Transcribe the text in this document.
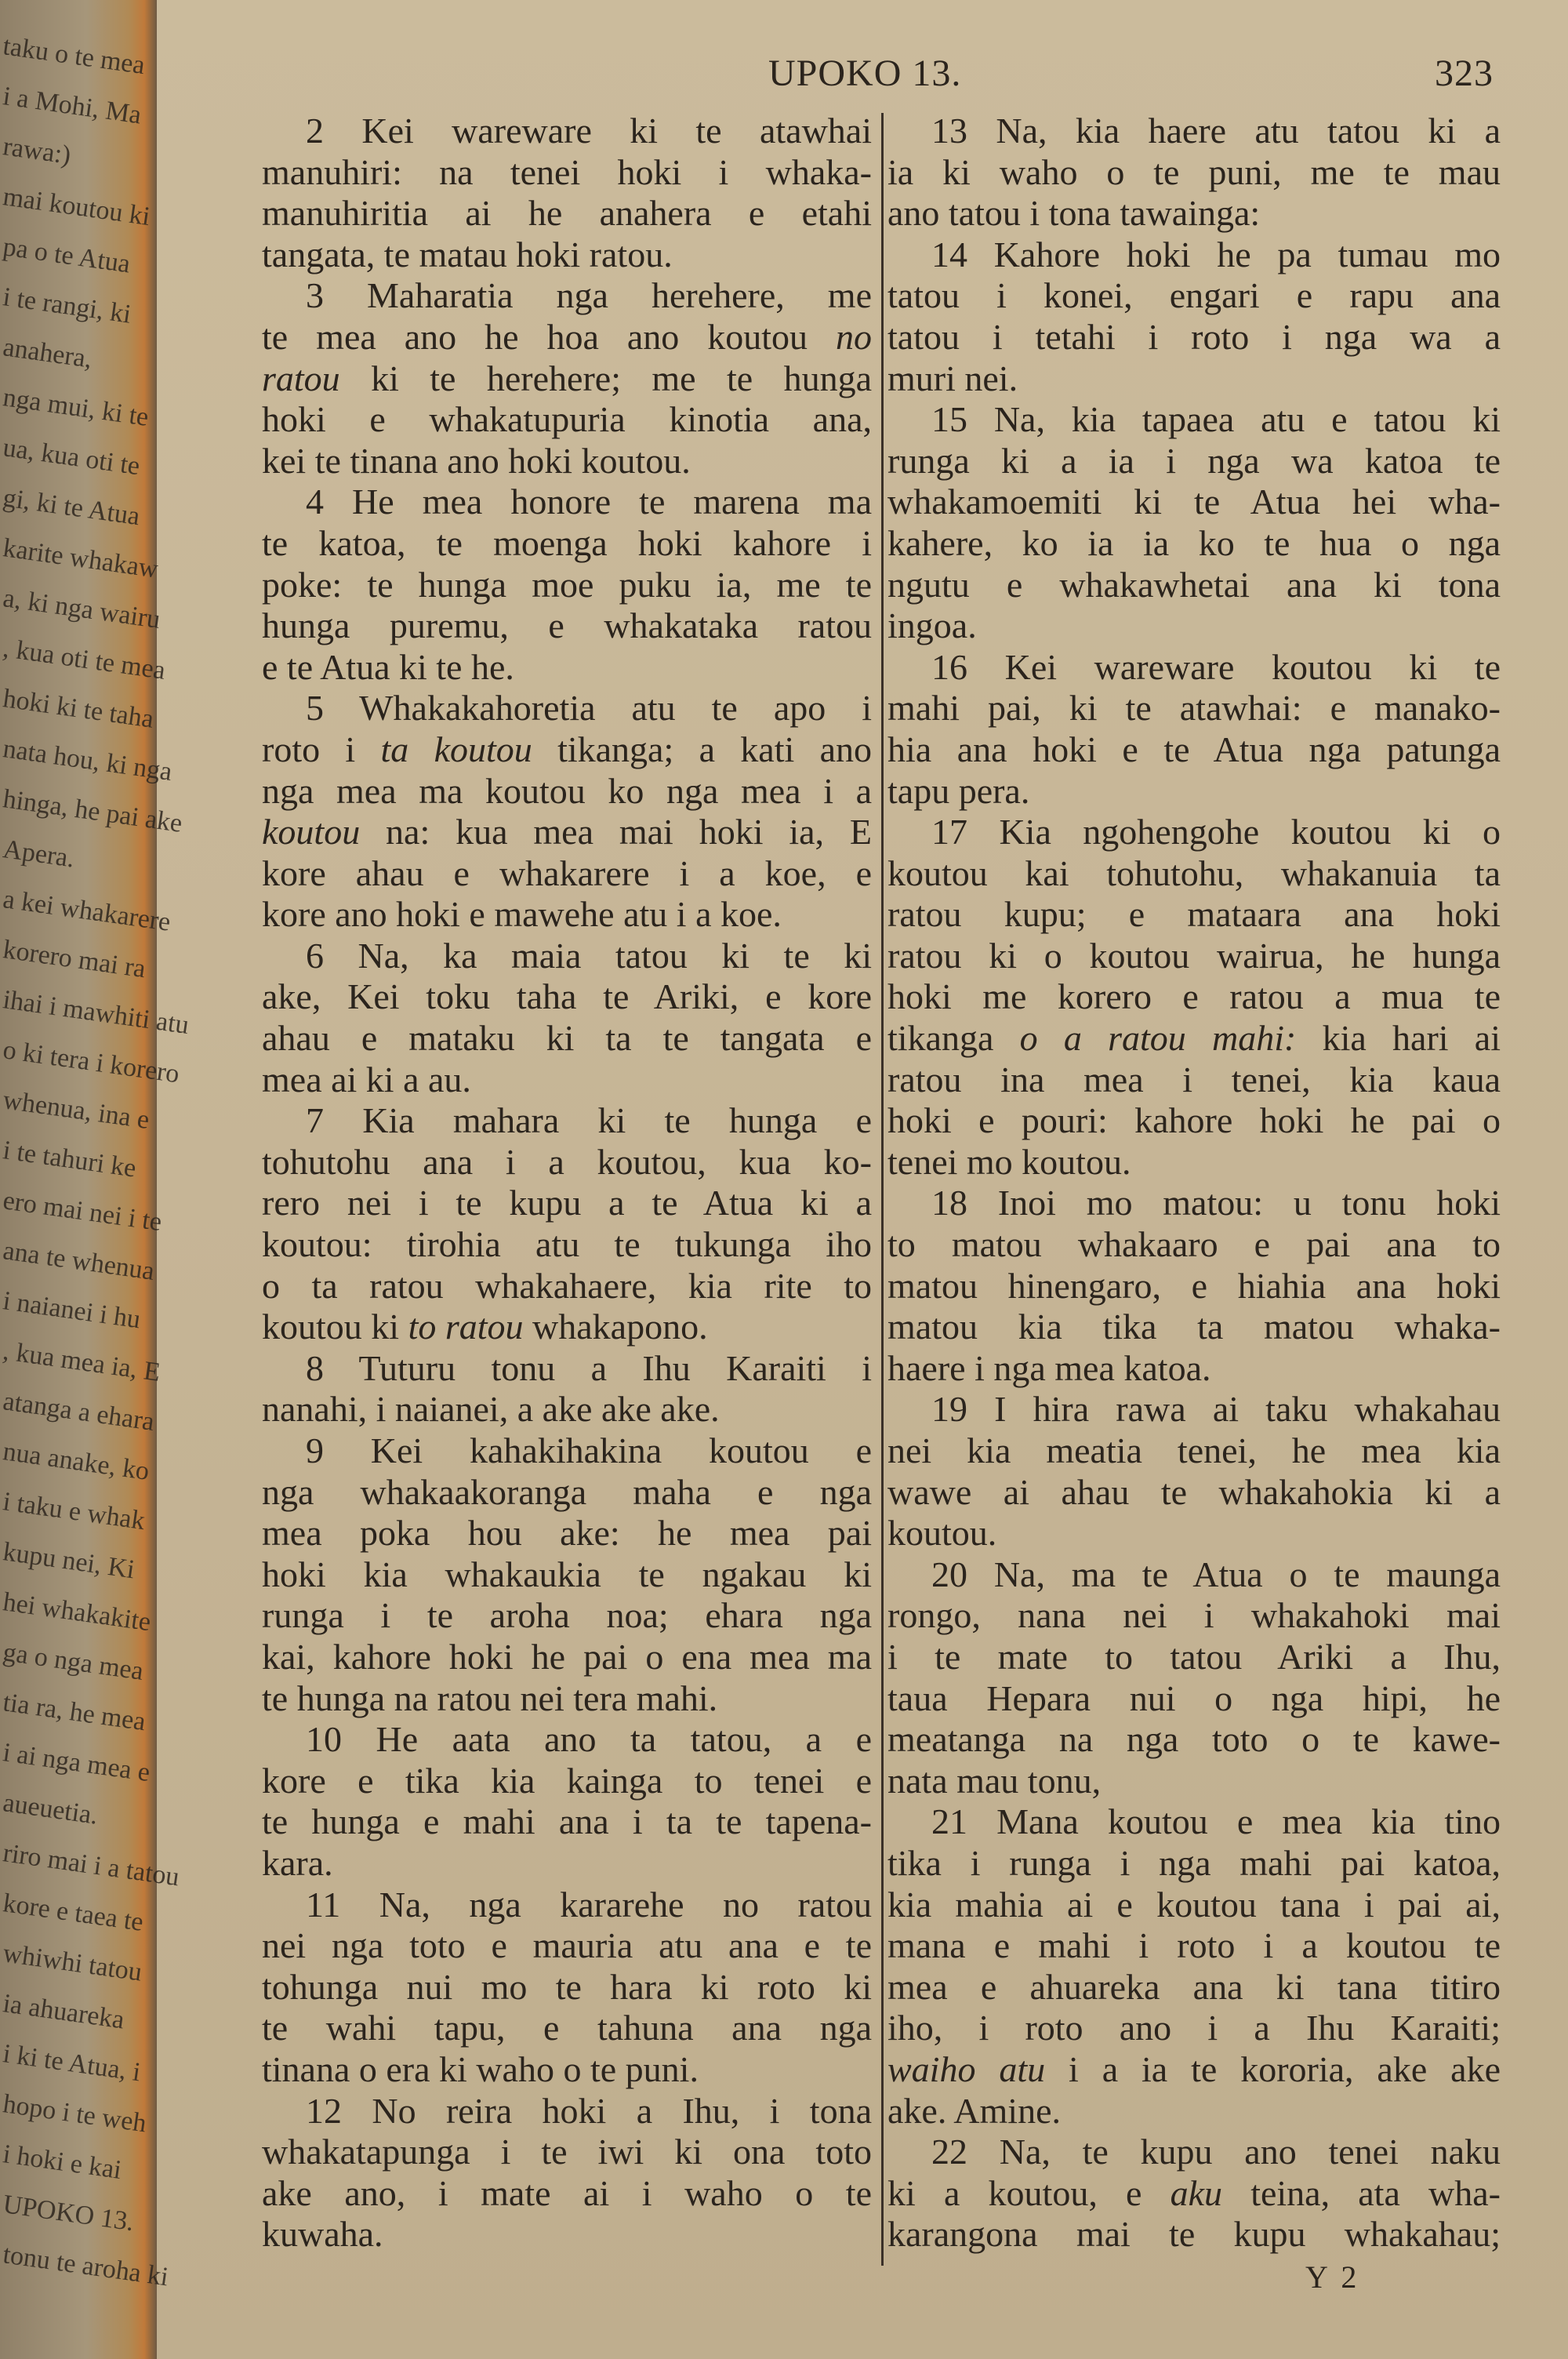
taku o te mea
i a Mohi, Ma
rawa:)
mai koutou ki
pa o te Atua
i te rangi, ki
anahera,
nga mui, ki te
ua, kua oti te
gi, ki te Atua
karite whakaw
a, ki nga wairu
, kua oti te mea
hoki ki te taha
nata hou, ki nga
hinga, he pai ake
Apera.
a kei whakarere
korero mai ra
ihai i mawhiti atu
o ki tera i korero
whenua, ina e
i te tahuri ke
ero mai nei i te
ana te whenua
i naianei i hu
, kua mea ia, E
atanga a ehara
nua anake, ko
i taku e whak
kupu nei, Ki
hei whakakite
ga o nga mea
tia ra, he mea
i ai nga mea e
aueuetia.
riro mai i a tatou
kore e taea te
whiwhi tatou
ia ahuareka
i ki te Atua, i
hopo i te weh
i hoki e kai
UPOKO 13.
tonu te aroha ki
UPOKO 13.	323
2 Kei wareware ki te atawhai
manuhiri: na tenei hoki i whaka-
manuhiritia ai he anahera e etahi
tangata, te matau hoki ratou.
3 Maharatia nga herehere, me
te mea ano he hoa ano koutou no
ratou ki te herehere; me te hunga
hoki e whakatupuria kinotia ana,
kei te tinana ano hoki koutou.
4 He mea honore te marena ma
te katoa, te moenga hoki kahore i
poke: te hunga moe puku ia, me te
hunga puremu, e whakataka ratou
e te Atua ki te he.
5 Whakakahoretia atu te apo i
roto i ta koutou tikanga; a kati ano
nga mea ma koutou ko nga mea i a
koutou na: kua mea mai hoki ia, E
kore ahau e whakarere i a koe, e
kore ano hoki e mawehe atu i a koe.
6 Na, ka maia tatou ki te ki
ake, Kei toku taha te Ariki, e kore
ahau e mataku ki ta te tangata e
mea ai ki a au.
7 Kia mahara ki te hunga e
tohutohu ana i a koutou, kua ko-
rero nei i te kupu a te Atua ki a
koutou: tirohia atu te tukunga iho
o ta ratou whakahaere, kia rite to
koutou ki to ratou whakapono.
8 Tuturu tonu a Ihu Karaiti i
nanahi, i naianei, a ake ake ake.
9 Kei kahakihakina koutou e
nga whakaakoranga maha e nga
mea poka hou ake: he mea pai
hoki kia whakaukia te ngakau ki
runga i te aroha noa; ehara nga
kai, kahore hoki he pai o ena mea ma
te hunga na ratou nei tera mahi.
10 He aata ano ta tatou, a e
kore e tika kia kainga to tenei e
te hunga e mahi ana i ta te tapena-
kara.
11 Na, nga kararehe no ratou
nei nga toto e mauria atu ana e te
tohunga nui mo te hara ki roto ki
te wahi tapu, e tahuna ana nga
tinana o era ki waho o te puni.
12 No reira hoki a Ihu, i tona
whakatapunga i te iwi ki ona toto
ake ano, i mate ai i waho o te
kuwaha.
13 Na, kia haere atu tatou ki a
ia ki waho o te puni, me te mau
ano tatou i tona tawainga:
14 Kahore hoki he pa tumau mo
tatou i konei, engari e rapu ana
tatou i tetahi i roto i nga wa a
muri nei.
15 Na, kia tapaea atu e tatou ki
runga ki a ia i nga wa katoa te
whakamoemiti ki te Atua hei wha-
kahere, ko ia ia ko te hua o nga
ngutu e whakawhetai ana ki tona
ingoa.
16 Kei wareware koutou ki te
mahi pai, ki te atawhai: e manako-
hia ana hoki e te Atua nga patunga
tapu pera.
17 Kia ngohengohe koutou ki o
koutou kai tohutohu, whakanuia ta
ratou kupu; e mataara ana hoki
ratou ki o koutou wairua, he hunga
hoki me korero e ratou a mua te
tikanga o a ratou mahi: kia hari ai
ratou ina mea i tenei, kia kaua
hoki e pouri: kahore hoki he pai o
tenei mo koutou.
18 Inoi mo matou: u tonu hoki
to matou whakaaro e pai ana to
matou hinengaro, e hiahia ana hoki
matou kia tika ta matou whaka-
haere i nga mea katoa.
19 I hira rawa ai taku whakahau
nei kia meatia tenei, he mea kia
wawe ai ahau te whakahokia ki a
koutou.
20 Na, ma te Atua o te maunga
rongo, nana nei i whakahoki mai
i te mate to tatou Ariki a Ihu,
taua Hepara nui o nga hipi, he
meatanga na nga toto o te kawe-
nata mau tonu,
21 Mana koutou e mea kia tino
tika i runga i nga mahi pai katoa,
kia mahia ai e koutou tana i pai ai,
mana e mahi i roto i a koutou te
mea e ahuareka ana ki tana titiro
iho, i roto ano i a Ihu Karaiti;
waiho atu i a ia te kororia, ake ake
ake. Amine.
22 Na, te kupu ano tenei naku
ki a koutou, e aku teina, ata wha-
karangona mai te kupu whakahau;
Y 2
